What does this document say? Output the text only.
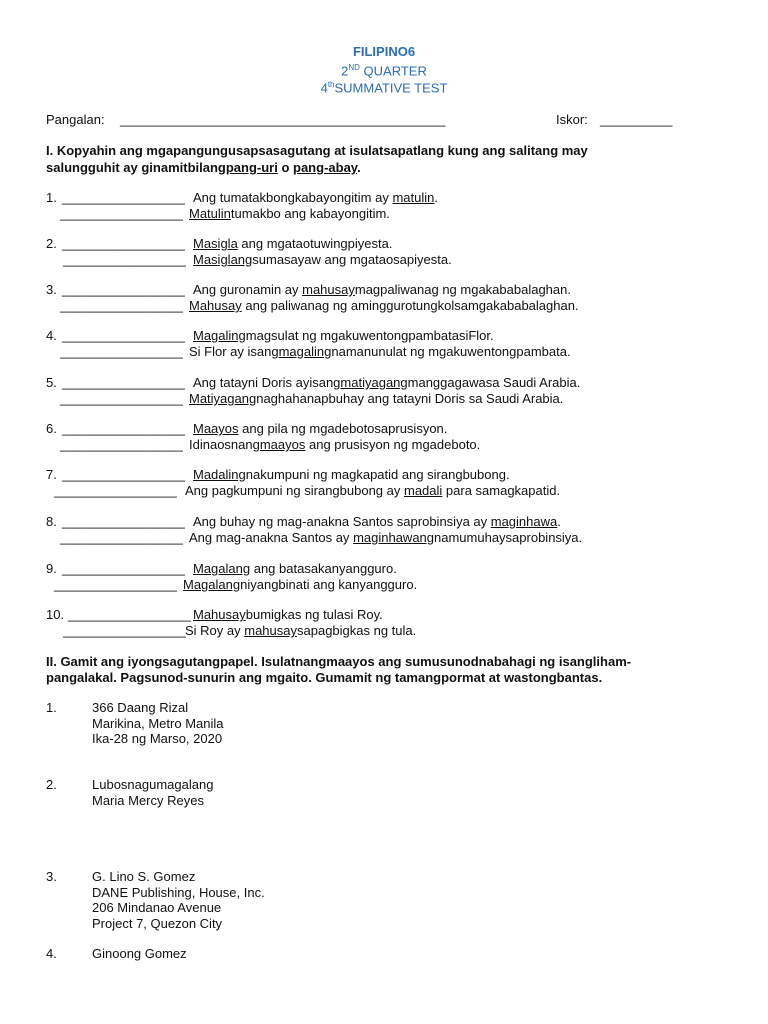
FILIPINO6
2ND QUARTER
4thSUMMATIVE TEST
Pangalan: _____________________________________________	Iskor: __________
I. Kopyahin ang mgapangungusapsasagutang at isulatsapatlang kung ang salitang may
salungguhit ay ginamitbilangpang-uri o pang-abay.
1. _________________ Ang tumatakbongkabayongitim ay matulin.
_________________ Matulintumakbo ang kabayongitim.
2. _________________ Masigla ang mgataotuwingpiyesta.
_________________ Masiglangsumasayaw ang mgataosapiyesta.
3. _________________ Ang guronamin ay mahusaymagpaliwanag ng mgakababalaghan.
_________________ Mahusay ang paliwanag ng aminggurotungkolsamgakababalaghan.
4. _________________ Magalingmagsulat ng mgakuwentongpambatasiFlor.
_________________ Si Flor ay isangmagalingnamanunulat ng mgakuwentongpambata.
5. _________________ Ang tatayni Doris ayisangmatiyagangmanggagawasa Saudi Arabia.
_________________ Matiyagangnaghahanapbuhay ang tatayni Doris sa Saudi Arabia.
6. _________________ Maayos ang pila ng mgadebotosaprusisyon.
_________________ Idinaosnangmaayos ang prusisyon ng mgadeboto.
7. _________________ Madalingnakumpuni ng magkapatid ang sirangbubong.
_________________ Ang pagkumpuni ng sirangbubong ay madali para samagkapatid.
8. _________________ Ang buhay ng mag-anakna Santos saprobinsiya ay maginhawa.
_________________ Ang mag-anakna Santos ay maginhawangnamumuhaysaprobinsiya.
9. _________________ Magalang ang batasakanyangguro.
_________________ Magalangniyangbinati ang kanyangguro.
10. _________________ Mahusaybumigkas ng tulasi Roy.
_________________ Si Roy ay mahusaysapagbigkas ng tula.
II. Gamit ang iyongsagutangpapel. Isulatnangmaayos ang sumusunodnabahagi ng isangliham-
pangalakal. Pagsunod-sunurin ang mgaito. Gumamit ng tamangpormat at wastongbantas.
1.	366 Daang Rizal
Marikina, Metro Manila
Ika-28 ng Marso, 2020
2.	Lubosnagumagalang
Maria Mercy Reyes
3.	G. Lino S. Gomez
DANE Publishing, House, Inc.
206 Mindanao Avenue
Project 7, Quezon City
4.	Ginoong Gomez
